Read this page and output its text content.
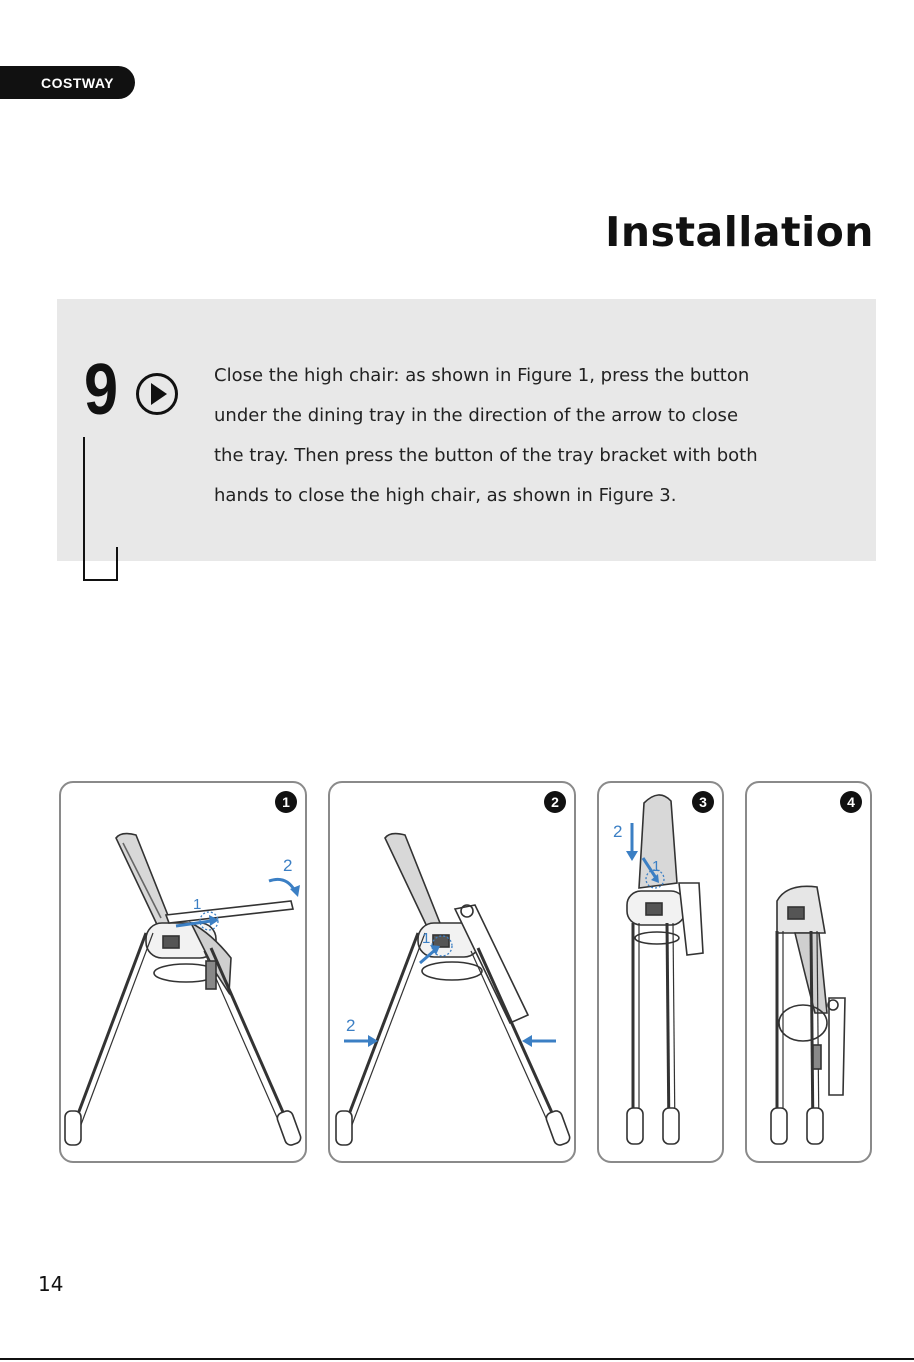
COSTWAY
Installation
9	Close the high chair: as shown in Figure 1, press the button
under the dining tray in the direction of the arrow to close
the tray. Then press the button of the tray bracket with both
hands to close the high chair, as shown in Figure 3.
1
2
1
1
2
2
1
2
3	4
14
